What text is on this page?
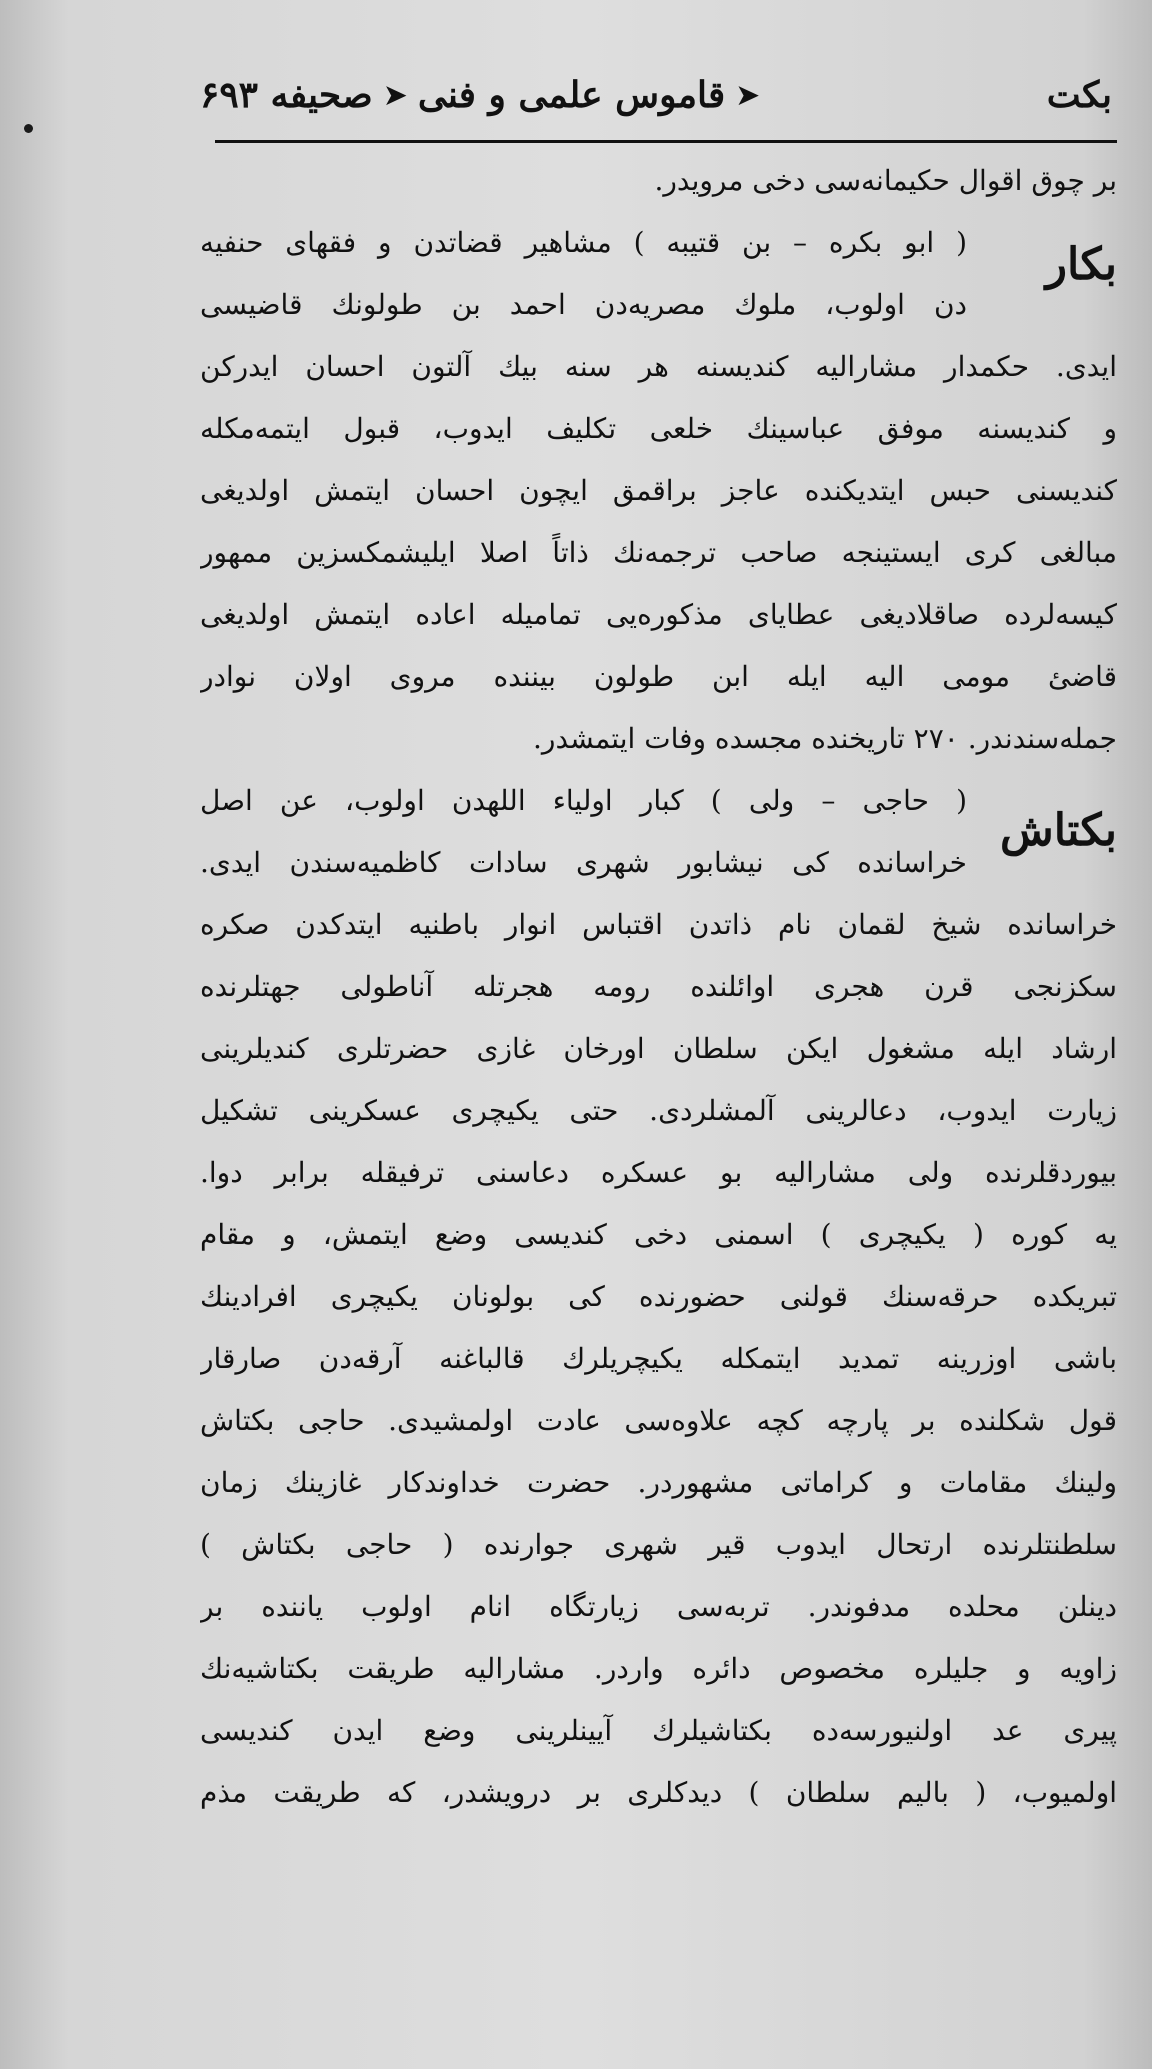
بكت
➤
قاموس علمی و فنی
➤
صحیفه ۶۹۳
بر چوق اقوال حکیمانه‌سی دخی مرویدر.
بکار
( ابو بکره – بن قتیبه ) مشاهیر قضاتدن و فقهای حنفیه‌
دن اولوب، ملوك مصریه‌دن احمد بن طولونك قاضیسی
ایدی. حکمدار مشارالیه کندیسنه هر سنه بیك آلتون احسان ایدرکن
و کندیسنه موفق عباسینك خلعی تکلیف ایدوب، قبول ایتمه‌مکله
کندیسنی حبس ایتدیکنده عاجز براقمق ایچون احسان ایتمش اولدیغی
مبالغی کری ایستینجه صاحب ترجمه‌نك ذاتاً اصلا ایلیشمکسزین ممهور
کیسه‌لرده صاقلادیغی عطایای مذکوره‌یی تمامیله اعاده ایتمش اولدیغی
قاضئ مومی الیه ایله ابن طولون بیننده مروی اولان نوادر
جمله‌سندندر. ۲۷۰ تاریخنده مجسده وفات ایتمشدر.
بکتاش
( حاجی – ولی ) کبار اولیاء اللهدن اولوب، عن اصل
خراسانده کی نیشابور شهری سادات کاظمیه‌سندن ایدی.
خراسانده شیخ لقمان نام ذاتدن اقتباس انوار باطنیه ایتدکدن صکره
سکزنجی قرن هجری اوائلنده رومه هجرتله آناطولی جهتلرنده
ارشاد ایله مشغول ایکن سلطان اورخان غازی حضرتلری کندیلرینی
زیارت ایدوب، دعالرینی آلمشلردی. حتی یکیچری عسکرینی تشکیل
بیوردقلرنده ولی مشارالیه بو عسکره دعاسنی ترفیقله برابر دوا.
یه کوره ( یکیچری ) اسمنی دخی کندیسی وضع ایتمش، و مقام
تبریکده حرقه‌سنك قولنی حضورنده کی بولونان یکیچری افرادینك
باشی اوزرینه تمدید ایتمکله یکیچریلرك قالباغنه آرقه‌دن صارقار
قول شکلنده بر پارچه کچه علاوه‌سی عادت اولمشیدی. حاجی بکتاش
ولینك مقامات و کراماتی مشهوردر. حضرت خداوندکار غازینك زمان
سلطنتلرنده ارتحال ایدوب قیر شهری جوارنده ( حاجی بکتاش )
دینلن محلده مدفوندر. تربه‌سی زیارتگاه انام اولوب یاننده بر
زاویه و جلیلره مخصوص دائره واردر. مشارالیه طریقت بکتاشیه‌نك
پیری عد اولنیورسه‌ده بکتاشیلرك آیینلرینی وضع ایدن کندیسی
اولمیوب، ( بالیم سلطان ) دیدکلری بر درویشدر، که طریقت مذم
